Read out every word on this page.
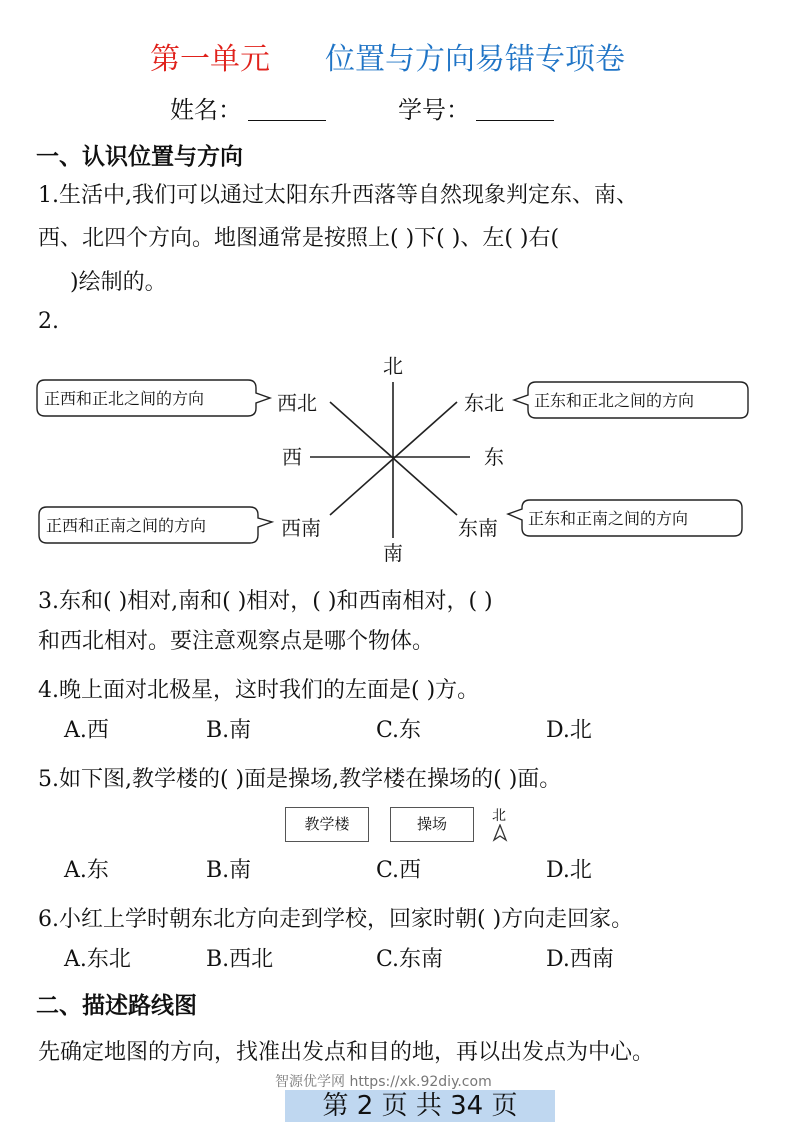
第一单元 位置与方向易错专项卷
姓名：	学号：
一、认识位置与方向
1.生活中,我们可以通过太阳东升西落等自然现象判定东、南、
西、北四个方向。地图通常是按照上( )下( )、左( )右(
)绘制的。
2.
北
南
东
西
西北	东北
西南	东南
正西和正北之间的方向	正东和正北之间的方向
正西和正南之间的方向	正东和正南之间的方向
3.东和( )相对,南和( )相对，( )和西南相对，( )
和西北相对。要注意观察点是哪个物体。
4.晚上面对北极星，这时我们的左面是( )方。
A.西	B.南	C.东	D.北
5.如下图,教学楼的( )面是操场,教学楼在操场的( )面。
教学楼	操场	北
A.东	B.南	C.西	D.北
6.小红上学时朝东北方向走到学校，回家时朝( )方向走回家。
A.东北	B.西北	C.东南	D.西南
二、描述路线图
先确定地图的方向，找准出发点和目的地，再以出发点为中心。
智源优学网 https://xk.92diy.com
第 2 页 共 34 页
